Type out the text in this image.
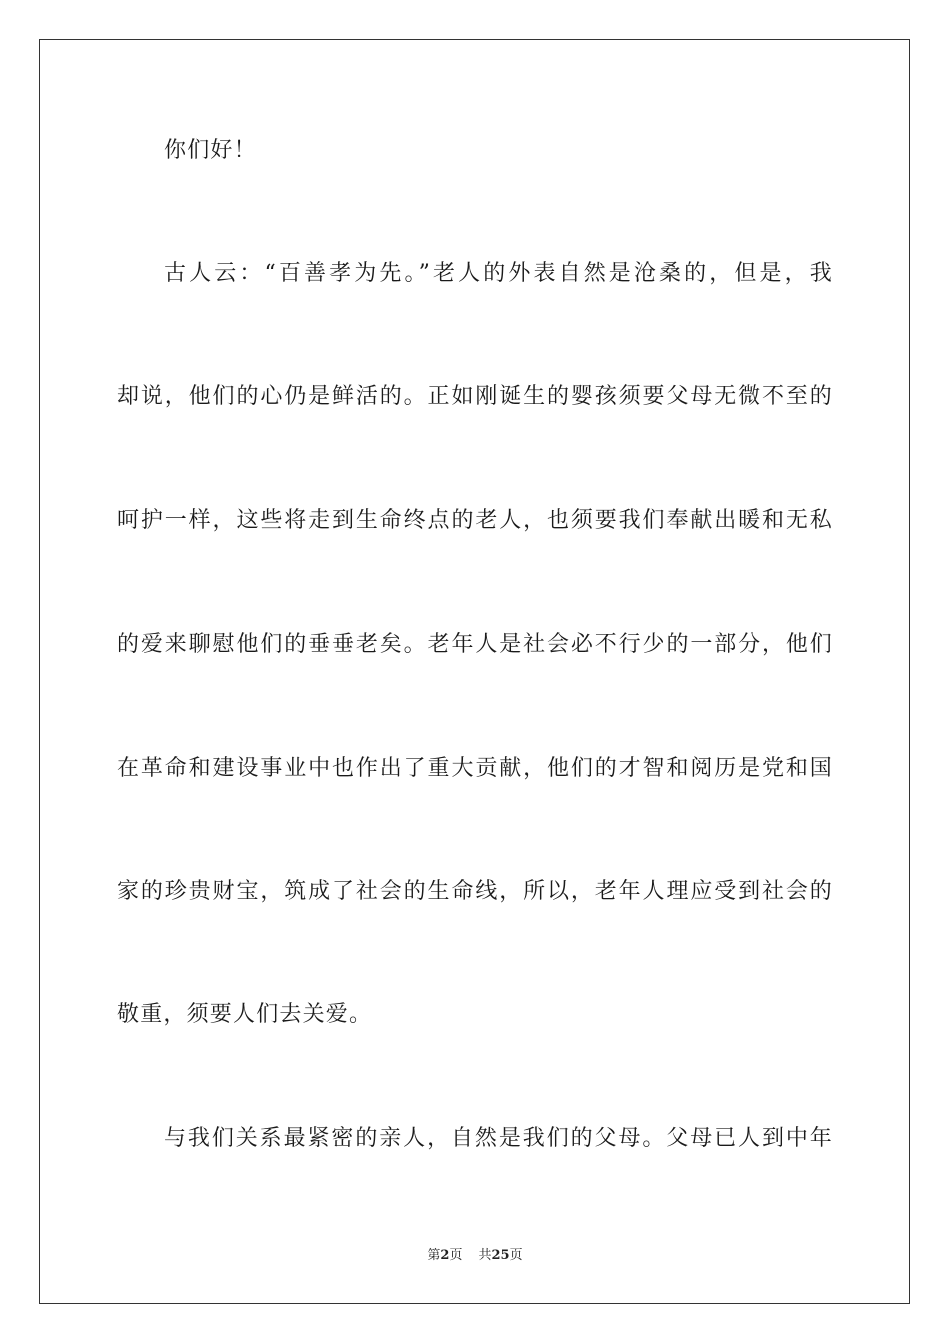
你们好！
古人云：“百善孝为先。”老人的外表自然是沧桑的，但是，我
却说，他们的心仍是鲜活的。正如刚诞生的婴孩须要父母无微不至的
呵护一样，这些将走到生命终点的老人，也须要我们奉献出暖和无私
的爱来聊慰他们的垂垂老矣。老年人是社会必不行少的一部分，他们
在革命和建设事业中也作出了重大贡献，他们的才智和阅历是党和国
家的珍贵财宝，筑成了社会的生命线，所以，老年人理应受到社会的
敬重，须要人们去关爱。
与我们关系最紧密的亲人，自然是我们的父母。父母已人到中年
第2页 共25页
